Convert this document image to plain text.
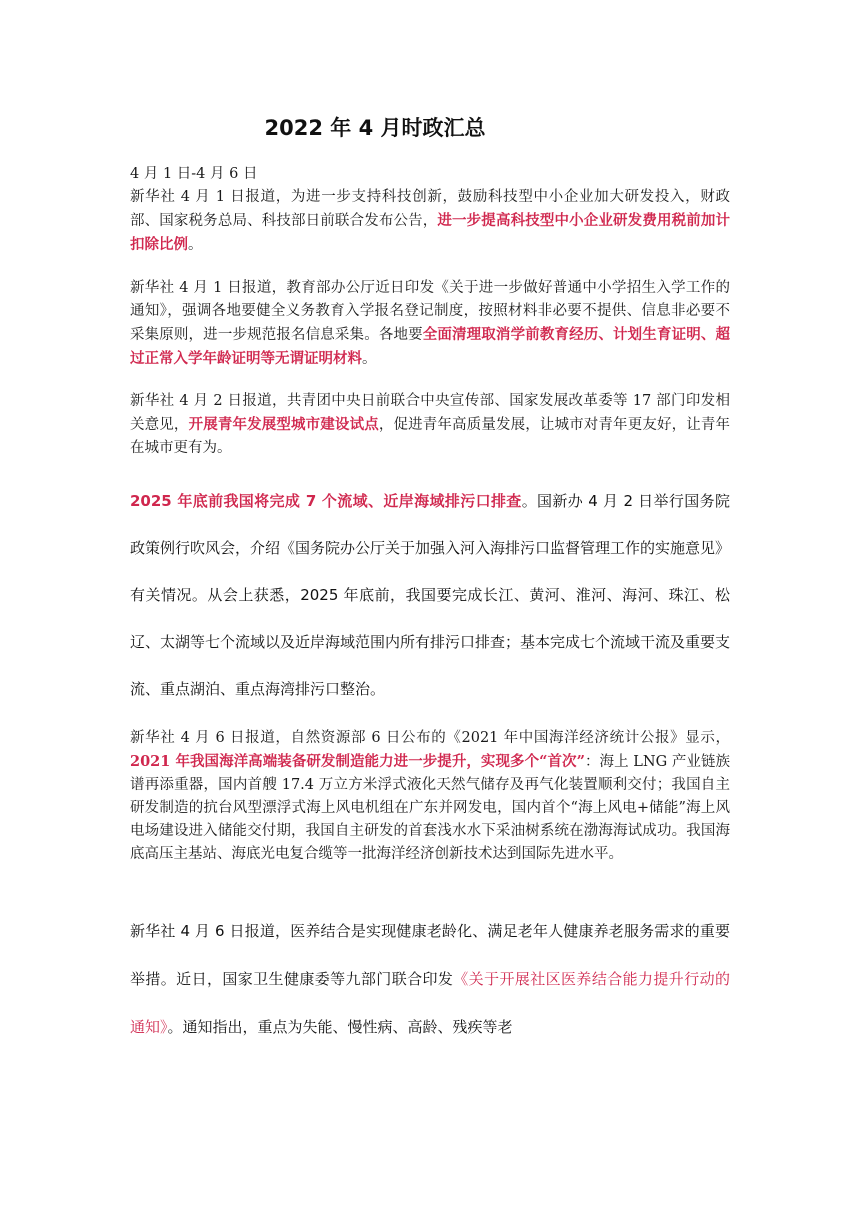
2022 年 4 月时政汇总
4 月 1 日-4 月 6 日
新华社 4 月 1 日报道，为进一步支持科技创新，鼓励科技型中小企业加大研发投入，财政部、国家税务总局、科技部日前联合发布公告，进一步提高科技型中小企业研发费用税前加计扣除比例。
新华社 4 月 1 日报道，教育部办公厅近日印发《关于进一步做好普通中小学招生入学工作的通知》，强调各地要健全义务教育入学报名登记制度，按照材料非必要不提供、信息非必要不采集原则，进一步规范报名信息采集。各地要全面清理取消学前教育经历、计划生育证明、超过正常入学年龄证明等无谓证明材料。
新华社 4 月 2 日报道，共青团中央日前联合中央宣传部、国家发展改革委等 17 部门印发相关意见，开展青年发展型城市建设试点，促进青年高质量发展，让城市对青年更友好，让青年在城市更有为。
2025 年底前我国将完成 7 个流域、近岸海域排污口排查。国新办 4 月 2 日举行国务院政策例行吹风会，介绍《国务院办公厅关于加强入河入海排污口监督管理工作的实施意见》有关情况。从会上获悉，2025 年底前，我国要完成长江、黄河、淮河、海河、珠江、松辽、太湖等七个流域以及近岸海域范围内所有排污口排查；基本完成七个流域干流及重要支流、重点湖泊、重点海湾排污口整治。
新华社 4 月 6 日报道，自然资源部 6 日公布的《2021 年中国海洋经济统计公报》显示，2021 年我国海洋高端装备研发制造能力进一步提升，实现多个“首次”：海上 LNG 产业链族谱再添重器，国内首艘 17.4 万立方米浮式液化天然气储存及再气化装置顺利交付；我国自主研发制造的抗台风型漂浮式海上风电机组在广东并网发电，国内首个“海上风电+储能”海上风电场建设进入储能交付期，我国自主研发的首套浅水水下采油树系统在渤海海试成功。我国海底高压主基站、海底光电复合缆等一批海洋经济创新技术达到国际先进水平。
新华社 4 月 6 日报道，医养结合是实现健康老龄化、满足老年人健康养老服务需求的重要举措。近日，国家卫生健康委等九部门联合印发《关于开展社区医养结合能力提升行动的通知》。通知指出，重点为失能、慢性病、高龄、残疾等老
